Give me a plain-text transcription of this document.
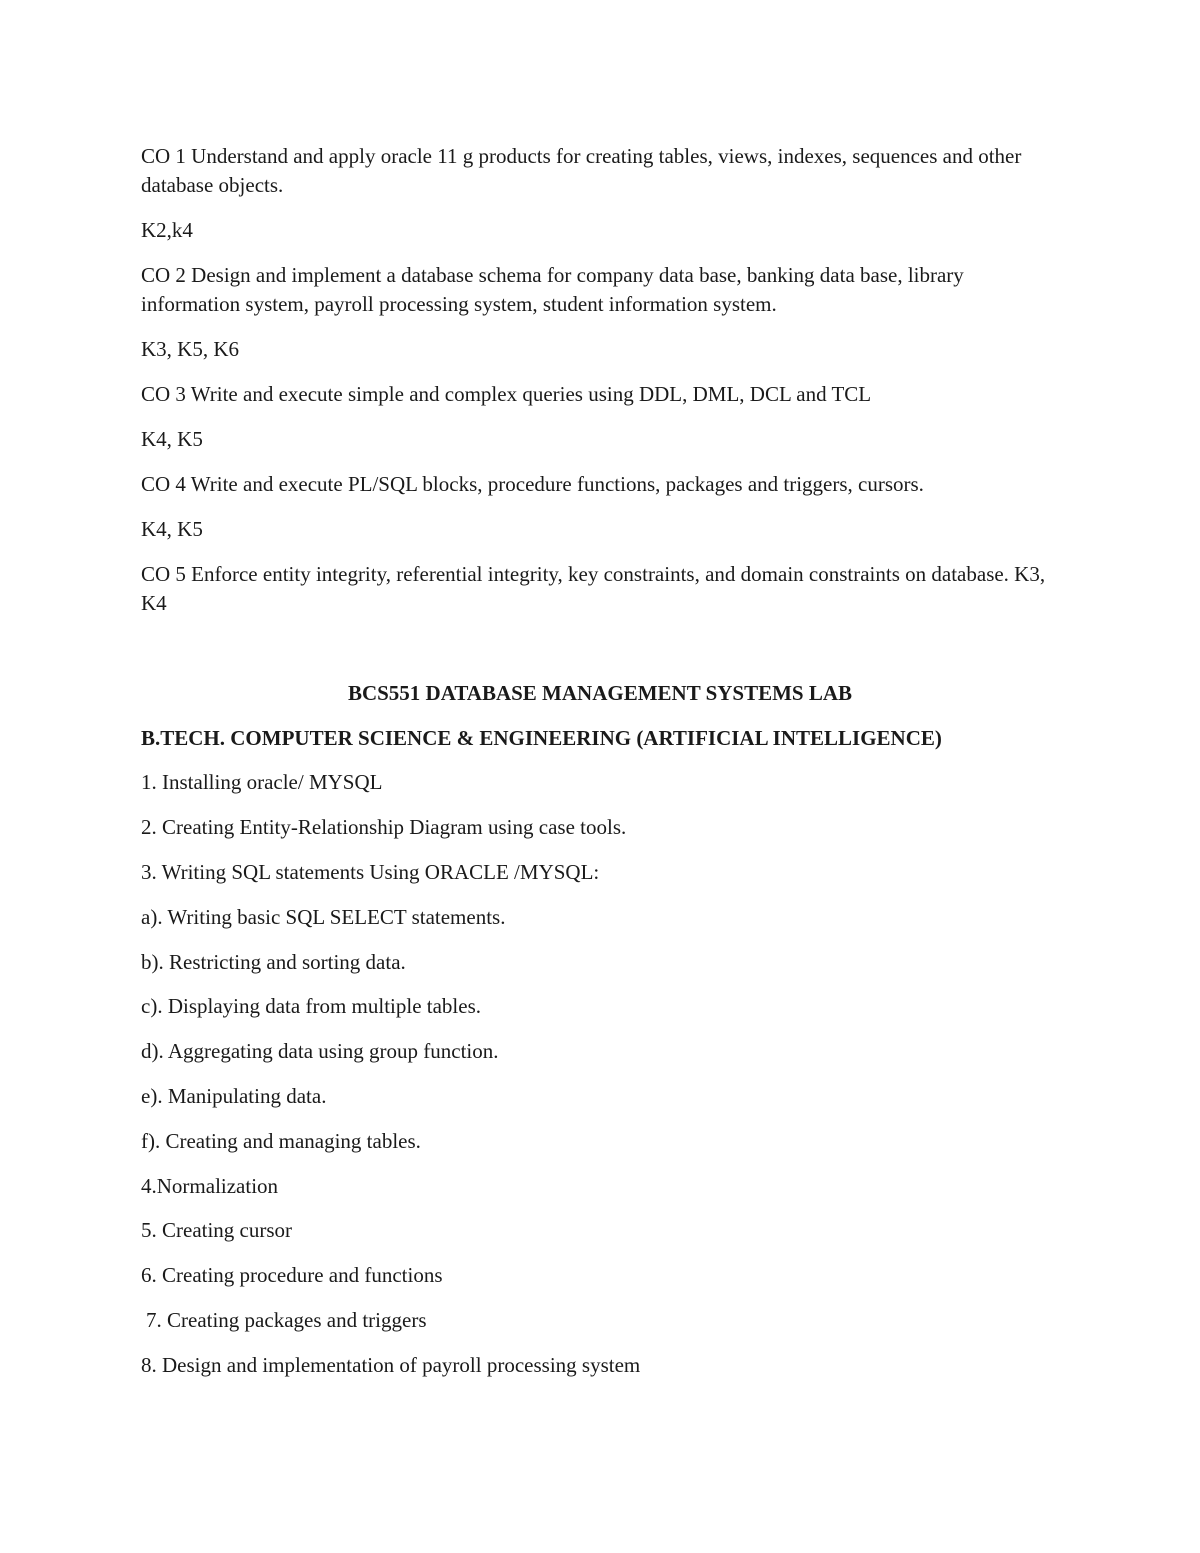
CO 1 Understand and apply oracle 11 g products for creating tables, views, indexes, sequences and other database objects.
K2,k4
CO 2 Design and implement a database schema for company data base, banking data base, library information system, payroll processing system, student information system.
K3, K5, K6
CO 3 Write and execute simple and complex queries using DDL, DML, DCL and TCL
K4, K5
CO 4 Write and execute PL/SQL blocks, procedure functions, packages and triggers, cursors.
K4, K5
CO 5 Enforce entity integrity, referential integrity, key constraints, and domain constraints on database. K3, K4
BCS551 DATABASE MANAGEMENT SYSTEMS LAB
B.TECH. COMPUTER SCIENCE & ENGINEERING (ARTIFICIAL INTELLIGENCE)
1. Installing oracle/ MYSQL
2. Creating Entity-Relationship Diagram using case tools.
3. Writing SQL statements Using ORACLE /MYSQL:
a). Writing basic SQL SELECT statements.
b). Restricting and sorting data.
c). Displaying data from multiple tables.
d). Aggregating data using group function.
e). Manipulating data.
f). Creating and managing tables.
4.Normalization
5. Creating cursor
6. Creating procedure and functions
7. Creating packages and triggers
8. Design and implementation of payroll processing system
